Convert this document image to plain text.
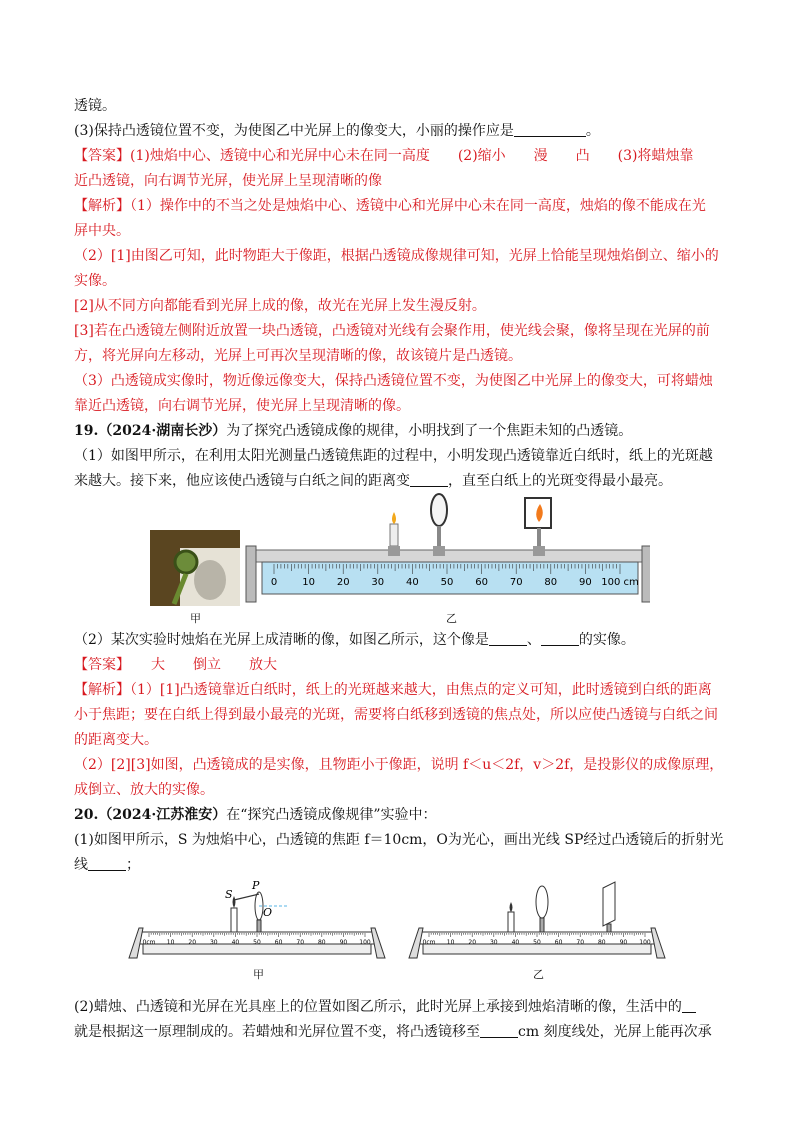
透镜。
(3)保持凸透镜位置不变，为使图乙中光屏上的像变大，小丽的操作应是	。
【答案】(1)烛焰中心、透镜中心和光屏中心未在同一高度　　(2)缩小　　漫　　凸　　(3)将蜡烛靠
近凸透镜，向右调节光屏，使光屏上呈现清晰的像
【解析】（1）操作中的不当之处是烛焰中心、透镜中心和光屏中心未在同一高度，烛焰的像不能成在光
屏中央。
（2）[1]由图乙可知，此时物距大于像距，根据凸透镜成像规律可知，光屏上恰能呈现烛焰倒立、缩小的
实像。
[2]从不同方向都能看到光屏上成的像，故光在光屏上发生漫反射。
[3]若在凸透镜左侧附近放置一块凸透镜，凸透镜对光线有会聚作用，使光线会聚，像将呈现在光屏的前
方，将光屏向左移动，光屏上可再次呈现清晰的像，故该镜片是凸透镜。
（3）凸透镜成实像时，物近像远像变大，保持凸透镜位置不变，为使图乙中光屏上的像变大，可将蜡烛
靠近凸透镜，向右调节光屏，使光屏上呈现清晰的像。
19.（2024·湖南长沙）为了探究凸透镜成像的规律，小明找到了一个焦距未知的凸透镜。
（1）如图甲所示，在利用太阳光测量凸透镜焦距的过程中，小明发现凸透镜靠近白纸时，纸上的光斑越
来越大。接下来，他应该使凸透镜与白纸之间的距离变	，直至白纸上的光斑变得最小最亮。
0	10 20 30 40 50 60 70 80 90 100 cm
甲	乙
（2）某次实验时烛焰在光屏上成清晰的像，如图乙所示，这个像是	、	的实像。
【答案】　　大　　倒立　　放大
【解析】（1）[1]凸透镜靠近白纸时，纸上的光斑越来越大，由焦点的定义可知，此时透镜到白纸的距离
小于焦距；要在白纸上得到最小最亮的光斑，需要将白纸移到透镜的焦点处，所以应使凸透镜与白纸之间
的距离变大。
（2）[2][3]如图，凸透镜成的是实像，且物距小于像距，说明 f＜u＜2f，v＞2f，是投影仪的成像原理，
成倒立、放大的实像。
20.（2024·江苏淮安）在“探究凸透镜成像规律”实验中：
(1)如图甲所示，S 为烛焰中心，凸透镜的焦距 f＝10cm，O为光心，画出光线 SP经过凸透镜后的折射光
线	；
0cm 10 20 30 40 50 60 70 80 90 100
S
P
O
0cm 10 20 30 40 50 60 70 80 90 100
甲	乙
(2)蜡烛、凸透镜和光屏在光具座上的位置如图乙所示，此时光屏上承接到烛焰清晰的像，生活中的
就是根据这一原理制成的。若蜡烛和光屏位置不变，将凸透镜移至	cm 刻度线处，光屏上能再次承
